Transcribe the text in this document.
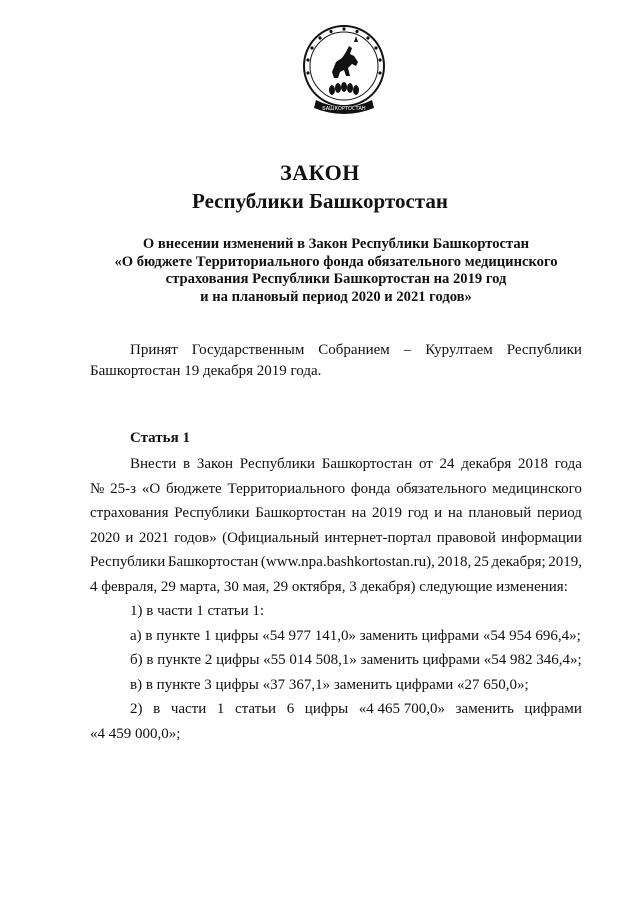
БАШКОРТОСТАН
ЗАКОН
Республики Башкортостан
О внесении изменений в Закон Республики Башкортостан
«О бюджете Территориального фонда обязательного медицинского
страхования Республики Башкортостан на 2019 год
и на плановый период 2020 и 2021 годов»
Принят Государственным Собранием – Курултаем Республики
Башкортостан 19 декабря 2019 года.
Статья 1
Внести в Закон Республики Башкортостан от 24 декабря 2018 года
№ 25-з «О бюджете Территориального фонда обязательного медицинского
страхования Республики Башкортостан на 2019 год и на плановый период
2020 и 2021 годов» (Официальный интернет-портал правовой информации
Республики Башкортостан (www.npa.bashkortostan.ru), 2018, 25 декабря; 2019,
4 февраля, 29 марта, 30 мая, 29 октября, 3 декабря) следующие изменения:
1) в части 1 статьи 1:
а) в пункте 1 цифры «54 977 141,0» заменить цифрами «54 954 696,4»;
б) в пункте 2 цифры «55 014 508,1» заменить цифрами «54 982 346,4»;
в) в пункте 3 цифры «37 367,1» заменить цифрами «27 650,0»;
2) в части 1 статьи 6 цифры «4 465 700,0» заменить цифрами
«4 459 000,0»;
